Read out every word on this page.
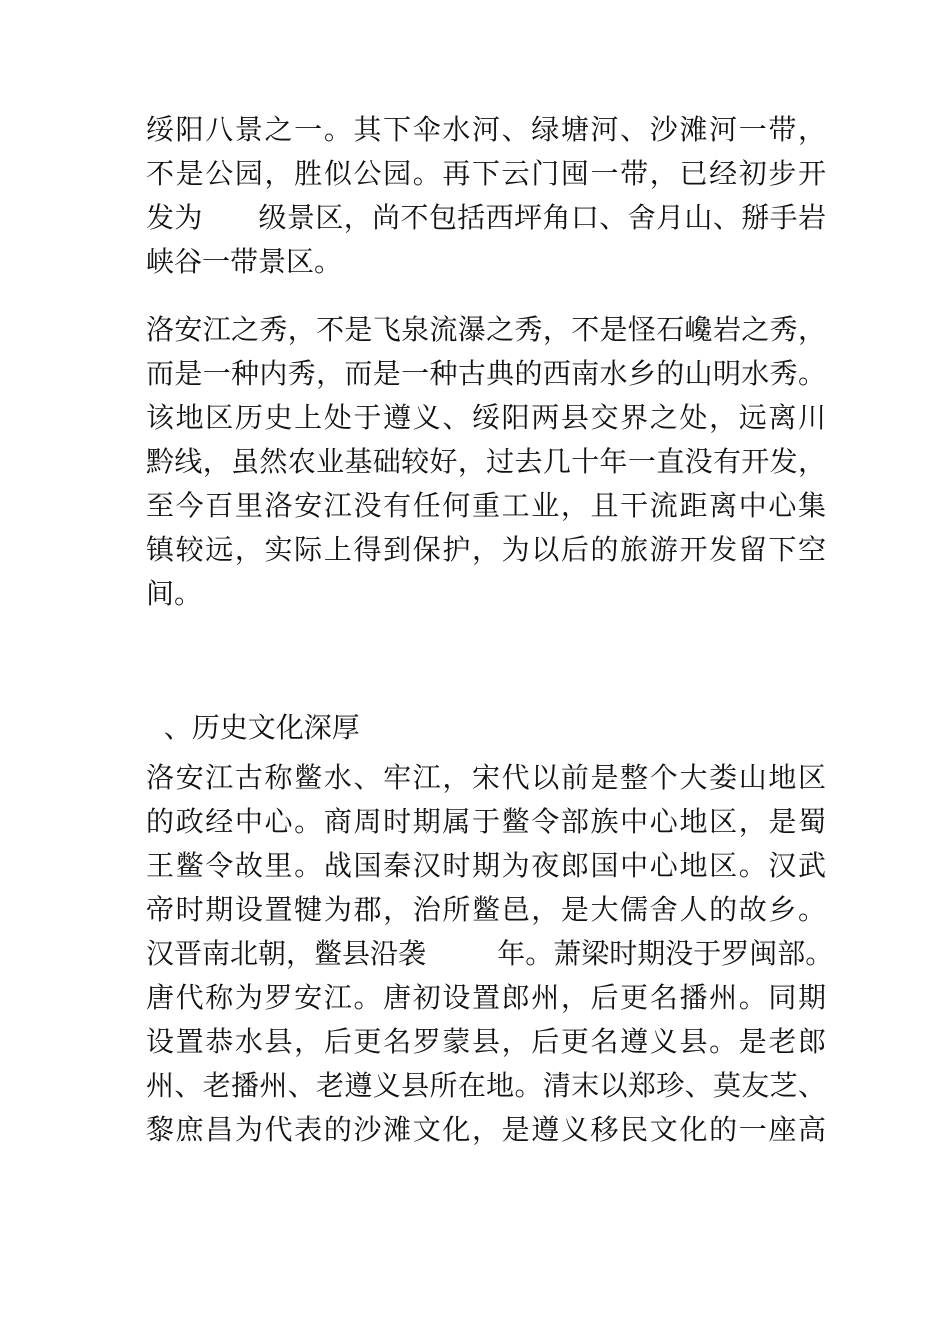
绥阳八景之一。其下伞水河、绿塘河、沙滩河一带，
不是公园，胜似公园。再下云门囤一带，已经初步开
发为      级景区，尚不包括西坪角口、舍月山、掰手岩
峡谷一带景区。
洛安江之秀，不是飞泉流瀑之秀，不是怪石巉岩之秀，
而是一种内秀，而是一种古典的西南水乡的山明水秀。
该地区历史上处于遵义、绥阳两县交界之处，远离川
黔线，虽然农业基础较好，过去几十年一直没有开发，
至今百里洛安江没有任何重工业，且干流距离中心集
镇较远，实际上得到保护，为以后的旅游开发留下空
间。
、历史文化深厚
洛安江古称鳖水、牢江，宋代以前是整个大娄山地区
的政经中心。商周时期属于鳖令部族中心地区，是蜀
王鳖令故里。战国秦汉时期为夜郎国中心地区。汉武
帝时期设置犍为郡，治所鳖邑，是大儒舍人的故乡。
汉晋南北朝，鳖县沿袭        年。萧梁时期没于罗闽部。
唐代称为罗安江。唐初设置郎州，后更名播州。同期
设置恭水县，后更名罗蒙县，后更名遵义县。是老郎
州、老播州、老遵义县所在地。清末以郑珍、莫友芝、
黎庶昌为代表的沙滩文化，是遵义移民文化的一座高
